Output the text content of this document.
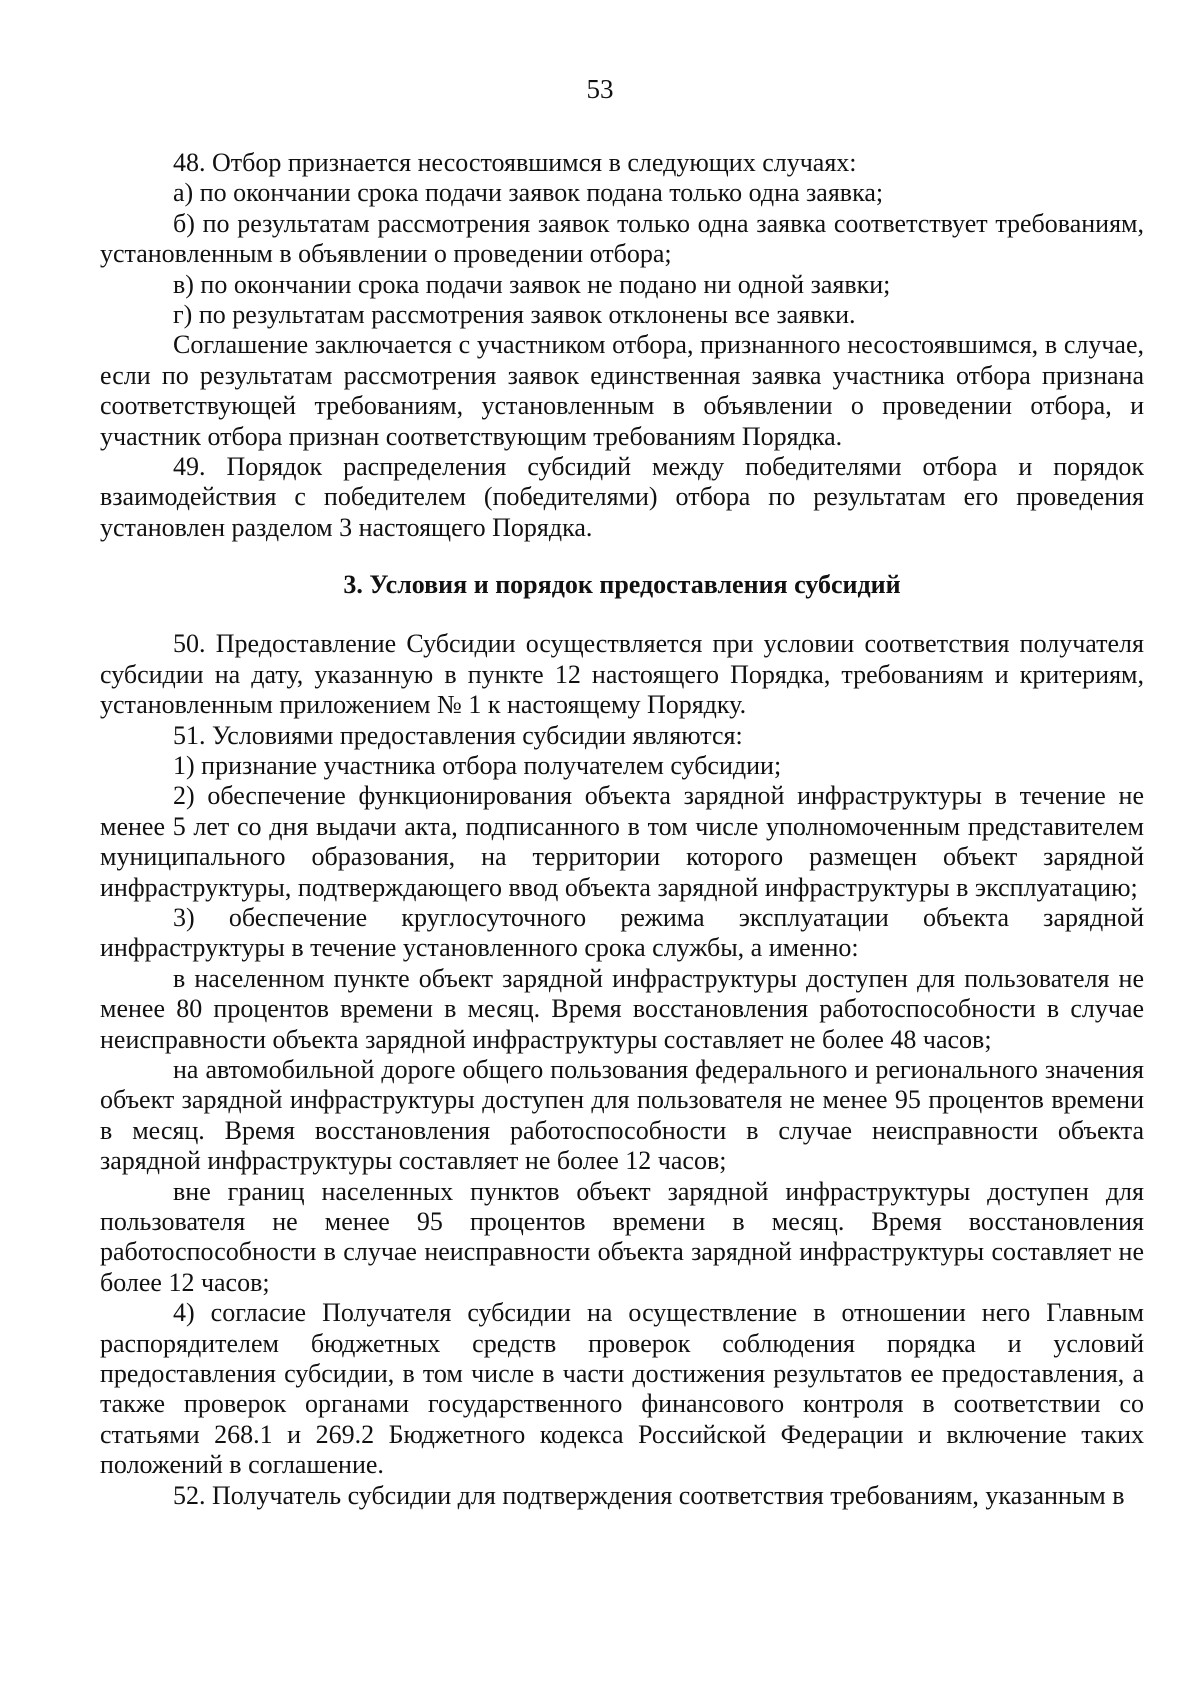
53

48. Отбор признается несостоявшимся в следующих случаях:

а) по окончании срока подачи заявок подана только одна заявка;

б) по результатам рассмотрения заявок только одна заявка соответствует требованиям, установленным в объявлении о проведении отбора;

в) по окончании срока подачи заявок не подано ни одной заявки;

г) по результатам рассмотрения заявок отклонены все заявки.

Соглашение заключается с участником отбора, признанного несостоявшимся, в случае, если по результатам рассмотрения заявок единственная заявка участника отбора признана соответствующей требованиям, установленным в объявлении о проведении отбора, и участник отбора признан соответствующим требованиям Порядка.

49. Порядок распределения субсидий между победителями отбора и порядок взаимодействия с победителем (победителями) отбора по результатам его проведения установлен разделом 3 настоящего Порядка.

3. Условия и порядок предоставления субсидий

50. Предоставление Субсидии осуществляется при условии соответствия получателя субсидии на дату, указанную в пункте 12 настоящего Порядка, требованиям и критериям, установленным приложением № 1 к настоящему Порядку.

51. Условиями предоставления субсидии являются:

1) признание участника отбора получателем субсидии;

2) обеспечение функционирования объекта зарядной инфраструктуры в течение не менее 5 лет со дня выдачи акта, подписанного в том числе уполномоченным представителем муниципального образования, на территории которого размещен объект зарядной инфраструктуры, подтверждающего ввод объекта зарядной инфраструктуры в эксплуатацию;

3) обеспечение круглосуточного режима эксплуатации объекта зарядной инфраструктуры в течение установленного срока службы, а именно:

в населенном пункте объект зарядной инфраструктуры доступен для пользователя не менее 80 процентов времени в месяц. Время восстановления работоспособности в случае неисправности объекта зарядной инфраструктуры составляет не более 48 часов;

на автомобильной дороге общего пользования федерального и регионального значения объект зарядной инфраструктуры доступен для пользователя не менее 95 процентов времени в месяц. Время восстановления работоспособности в случае неисправности объекта зарядной инфраструктуры составляет не более 12 часов;

вне границ населенных пунктов объект зарядной инфраструктуры доступен для пользователя не менее 95 процентов времени в месяц. Время восстановления работоспособности в случае неисправности объекта зарядной инфраструктуры составляет не более 12 часов;

4) согласие Получателя субсидии на осуществление в отношении него Главным распорядителем бюджетных средств проверок соблюдения порядка и условий предоставления субсидии, в том числе в части достижения результатов ее предоставления, а также проверок органами государственного финансового контроля в соответствии со статьями 268.1 и 269.2 Бюджетного кодекса Российской Федерации и включение таких положений в соглашение.

52. Получатель субсидии для подтверждения соответствия требованиям, указанным в
